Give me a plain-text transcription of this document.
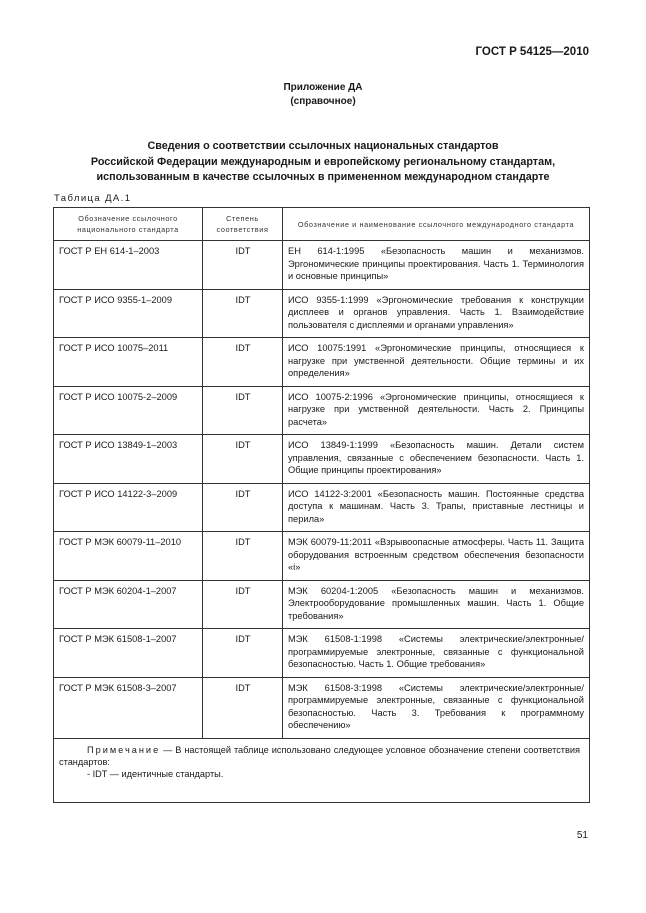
ГОСТ Р 54125—2010
Приложение ДА
(справочное)
Сведения о соответствии ссылочных национальных стандартов
Российской Федерации международным и европейскому региональному стандартам,
использованным в качестве ссылочных в примененном международном стандарте
Таблица ДА.1
Обозначение ссылочного национального стандарта	Степень соответствия	Обозначение и наименование ссылочного международного стандарта
ГОСТ Р ЕН 614-1–2003	IDT	ЕН 614-1:1995 «Безопасность машин и механизмов. Эргономические принципы проектирования. Часть 1. Терминология и основные принципы»
ГОСТ Р ИСО 9355-1–2009	IDT	ИСО 9355-1:1999 «Эргономические требования к конструкции дисплеев и органов управления. Часть 1. Взаимодействие пользователя с дисплеями и органами управления»
ГОСТ Р ИСО 10075–2011	IDT	ИСО 10075:1991 «Эргономические принципы, относящиеся к нагрузке при умственной деятельности. Общие термины и их определения»
ГОСТ Р ИСО 10075-2–2009	IDT	ИСО 10075-2:1996 «Эргономические принципы, относящиеся к нагрузке при умственной деятельности. Часть 2. Принципы расчета»
ГОСТ Р ИСО 13849-1–2003	IDT	ИСО 13849-1:1999 «Безопасность машин. Детали систем управления, связанные с обеспечением безопасности. Часть 1. Общие принципы проектирования»
ГОСТ Р ИСО 14122-3–2009	IDT	ИСО 14122-3:2001 «Безопасность машин. Постоянные средства доступа к машинам. Часть 3. Трапы, приставные лестницы и перила»
ГОСТ Р МЭК 60079-11–2010	IDT	МЭК 60079-11:2011 «Взрывоопасные атмосферы. Часть 11. Защита оборудования встроенным средством обеспечения безопасности «i»
ГОСТ Р МЭК 60204-1–2007	IDT	МЭК 60204-1:2005 «Безопасность машин и механизмов. Электрооборудование промышленных машин. Часть 1. Общие требования»
ГОСТ Р МЭК 61508-1–2007	IDT	МЭК 61508-1:1998 «Системы электрические/электронные/ программируемые электронные, связанные с функциональной безопасностью. Часть 1. Общие требования»
ГОСТ Р МЭК 61508-3–2007	IDT	МЭК 61508-3:1998 «Системы электрические/электронные/ программируемые электронные, связанные с функциональной безопасностью. Часть 3. Требования к программному обеспечению»

Примечание — В настоящей таблице использовано следующее условное обозначение степени соответствия стандартов:
- IDT — идентичные стандарты.		
51
